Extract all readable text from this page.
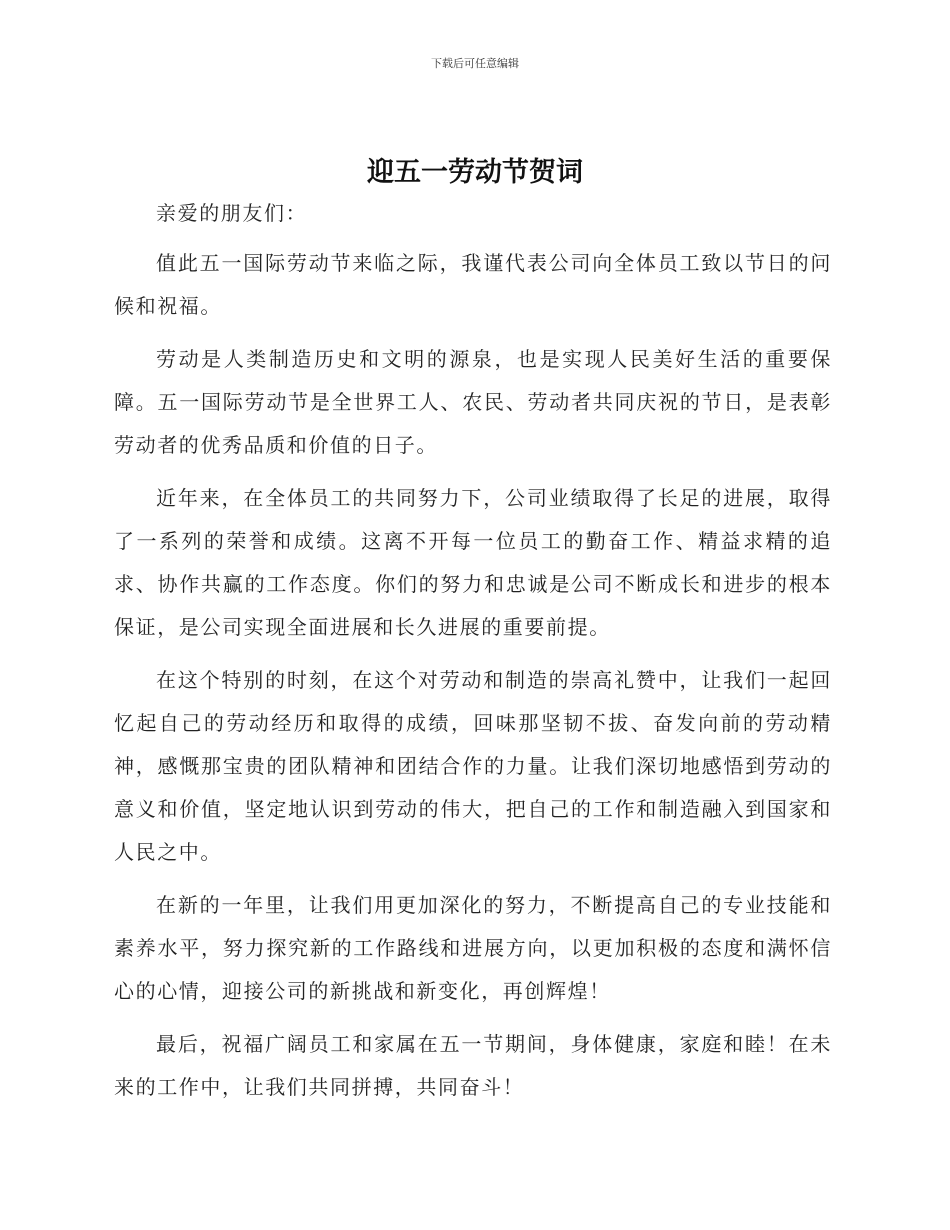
下载后可任意编辑
迎五一劳动节贺词

亲爱的朋友们：

值此五一国际劳动节来临之际，我谨代表公司向全体员工致以节日的问候和祝福。

劳动是人类制造历史和文明的源泉，也是实现人民美好生活的重要保障。五一国际劳动节是全世界工人、农民、劳动者共同庆祝的节日，是表彰劳动者的优秀品质和价值的日子。

近年来，在全体员工的共同努力下，公司业绩取得了长足的进展，取得了一系列的荣誉和成绩。这离不开每一位员工的勤奋工作、精益求精的追求、协作共赢的工作态度。你们的努力和忠诚是公司不断成长和进步的根本保证，是公司实现全面进展和长久进展的重要前提。

在这个特别的时刻，在这个对劳动和制造的崇高礼赞中，让我们一起回忆起自己的劳动经历和取得的成绩，回味那坚韧不拔、奋发向前的劳动精神，感慨那宝贵的团队精神和团结合作的力量。让我们深切地感悟到劳动的意义和价值，坚定地认识到劳动的伟大，把自己的工作和制造融入到国家和人民之中。

在新的一年里，让我们用更加深化的努力，不断提高自己的专业技能和素养水平，努力探究新的工作路线和进展方向，以更加积极的态度和满怀信心的心情，迎接公司的新挑战和新变化，再创辉煌！

最后，祝福广阔员工和家属在五一节期间，身体健康，家庭和睦！在未来的工作中，让我们共同拼搏，共同奋斗！
